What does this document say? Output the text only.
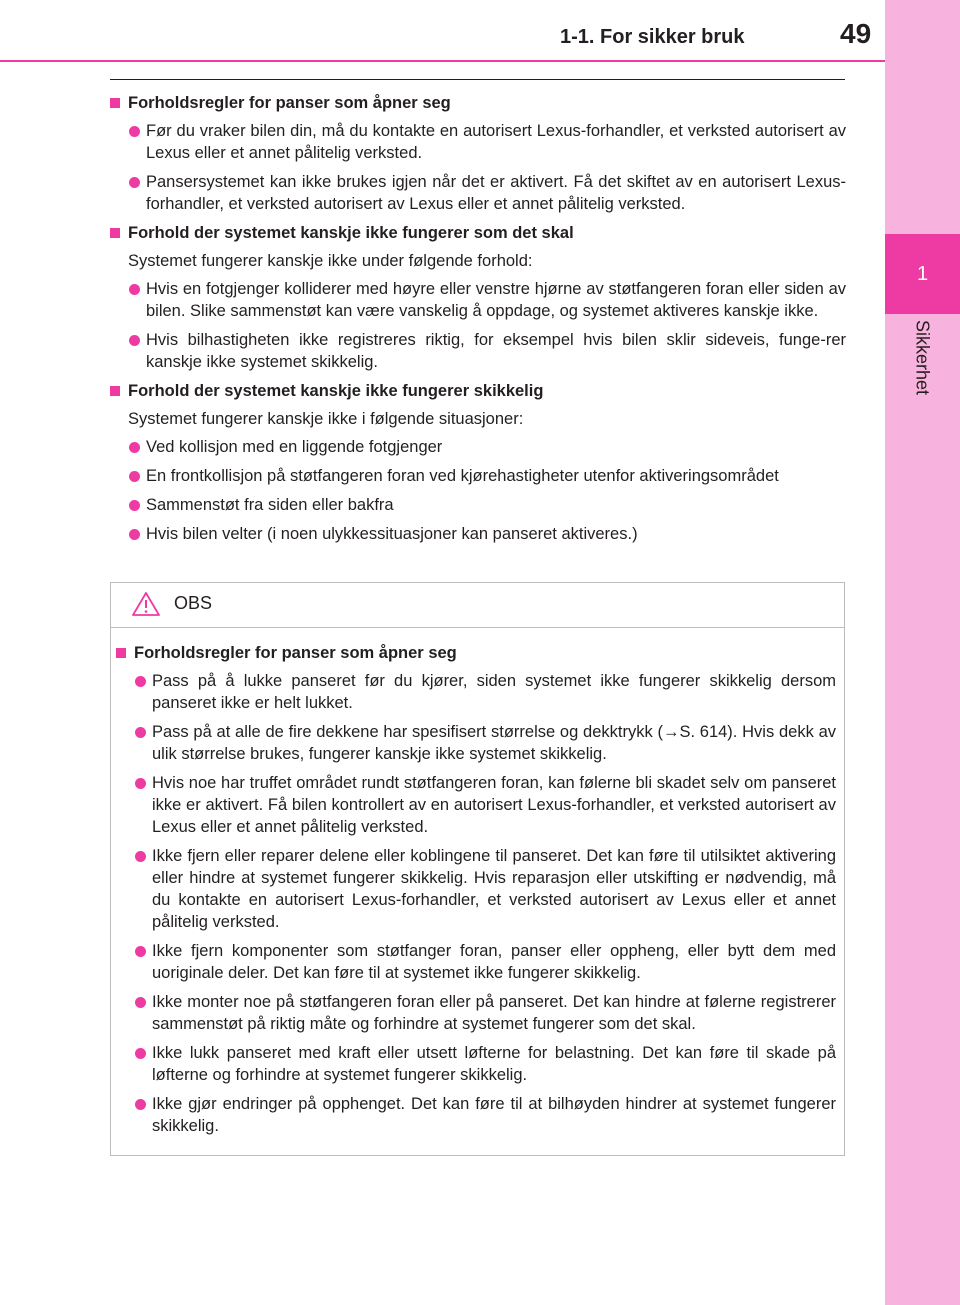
1-1. For sikker bruk	49
1
Sikkerhet
Forholdsregler for panser som åpner seg
Før du vraker bilen din, må du kontakte en autorisert Lexus-forhandler, et verksted autorisert av Lexus eller et annet pålitelig verksted.
Pansersystemet kan ikke brukes igjen når det er aktivert. Få det skiftet av en autorisert Lexus-forhandler, et verksted autorisert av Lexus eller et annet pålitelig verksted.
Forhold der systemet kanskje ikke fungerer som det skal
Systemet fungerer kanskje ikke under følgende forhold:
Hvis en fotgjenger kolliderer med høyre eller venstre hjørne av støtfangeren foran eller siden av bilen. Slike sammenstøt kan være vanskelig å oppdage, og systemet aktiveres kanskje ikke.
Hvis bilhastigheten ikke registreres riktig, for eksempel hvis bilen sklir sideveis, funge-rer kanskje ikke systemet skikkelig.
Forhold der systemet kanskje ikke fungerer skikkelig
Systemet fungerer kanskje ikke i følgende situasjoner:
Ved kollisjon med en liggende fotgjenger
En frontkollisjon på støtfangeren foran ved kjørehastigheter utenfor aktiveringsområdet
Sammenstøt fra siden eller bakfra
Hvis bilen velter (i noen ulykkessituasjoner kan panseret aktiveres.)
OBS
Forholdsregler for panser som åpner seg
Pass på å lukke panseret før du kjører, siden systemet ikke fungerer skikkelig dersom panseret ikke er helt lukket.
Pass på at alle de fire dekkene har spesifisert størrelse og dekktrykk (→S. 614). Hvis dekk av ulik størrelse brukes, fungerer kanskje ikke systemet skikkelig.
Hvis noe har truffet området rundt støtfangeren foran, kan følerne bli skadet selv om panseret ikke er aktivert. Få bilen kontrollert av en autorisert Lexus-forhandler, et verksted autorisert av Lexus eller et annet pålitelig verksted.
Ikke fjern eller reparer delene eller koblingene til panseret. Det kan føre til utilsiktet aktivering eller hindre at systemet fungerer skikkelig. Hvis reparasjon eller utskifting er nødvendig, må du kontakte en autorisert Lexus-forhandler, et verksted autorisert av Lexus eller et annet pålitelig verksted.
Ikke fjern komponenter som støtfanger foran, panser eller oppheng, eller bytt dem med uoriginale deler. Det kan føre til at systemet ikke fungerer skikkelig.
Ikke monter noe på støtfangeren foran eller på panseret. Det kan hindre at følerne registrerer sammenstøt på riktig måte og forhindre at systemet fungerer som det skal.
Ikke lukk panseret med kraft eller utsett løfterne for belastning. Det kan føre til skade på løfterne og forhindre at systemet fungerer skikkelig.
Ikke gjør endringer på opphenget. Det kan føre til at bilhøyden hindrer at systemet fungerer skikkelig.
